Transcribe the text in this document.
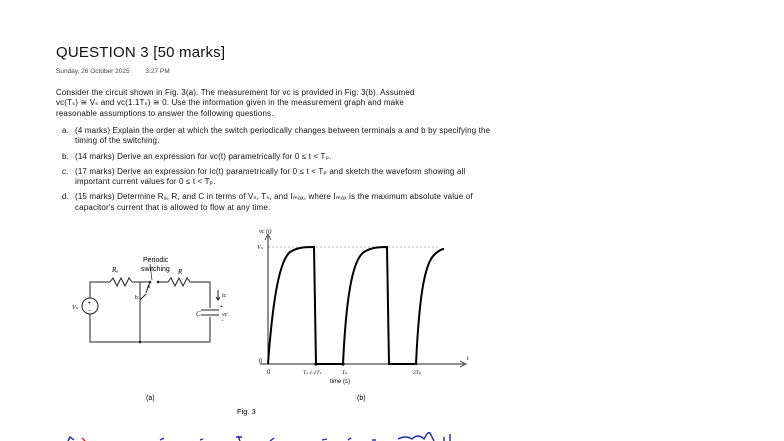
QUESTION 3 [50 marks]
Sunday, 26 October 2025 3:27 PM
Consider the circuit shown in Fig. 3(a). The measurement for vᴄ is provided in Fig. 3(b). Assumed
vᴄ(Tₛ) ≅ Vₛ and vᴄ(1.1Tₛ) ≅ 0. Use the information given in the measurement graph and make
reasonable assumptions to answer the following questions.
a. (4 marks) Explain the order at which the switch periodically changes between terminals a and b by specifying the timing of the switching.
b. (14 marks) Derive an expression for vᴄ(t) parametrically for 0 ≤ t < Tₚ.
c. (17 marks) Derive an expression for iᴄ(t) parametrically for 0 ≤ t < Tₚ and sketch the waveform showing all important current values for 0 ≤ t < Tₚ.
d. (15 marks) Determine Rₐ, R, and C in terms of Vₛ, Tₛ, and Iₘₐₓ, where Iₘₐₓ is the maximum absolute value of capacitor's current that is allowed to flow at any time.
Rₐ	R
Periodic
switching
a
b
Vₛ
+
−
iᴄ
+
vᴄ
−
C
(a)
vᴄ (t)
Vₛ
0
0	Tₛ 1.1Tₛ	Tₚ	2Tₚ
t
time (s)
(b)
Fig. 3
